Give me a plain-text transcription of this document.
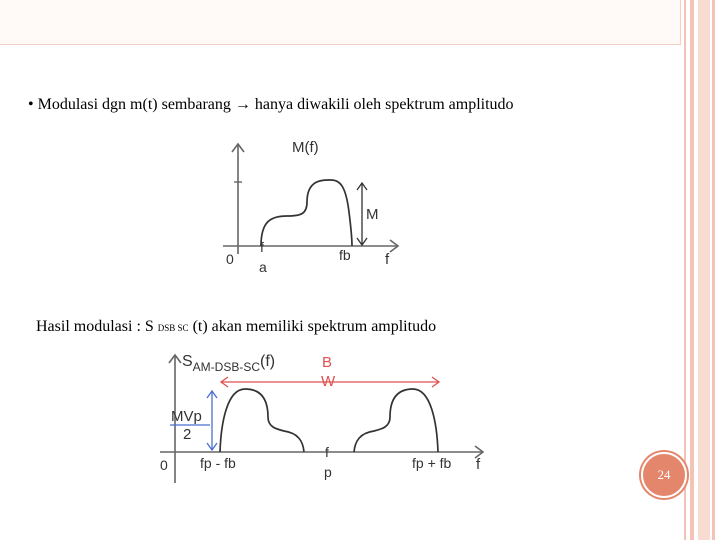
• Modulasi dgn m(t) sembarang → hanya diwakili oleh spektrum amplitudo
M(f)
0
f
a
fb f
M
Hasil modulasi : S DSB SC (t) akan memiliki spektrum amplitudo
$S_{AM-DSB-SC}(f)$	B
W
MVp
2
0 fp - fb
f
p
fp + fb f
24
